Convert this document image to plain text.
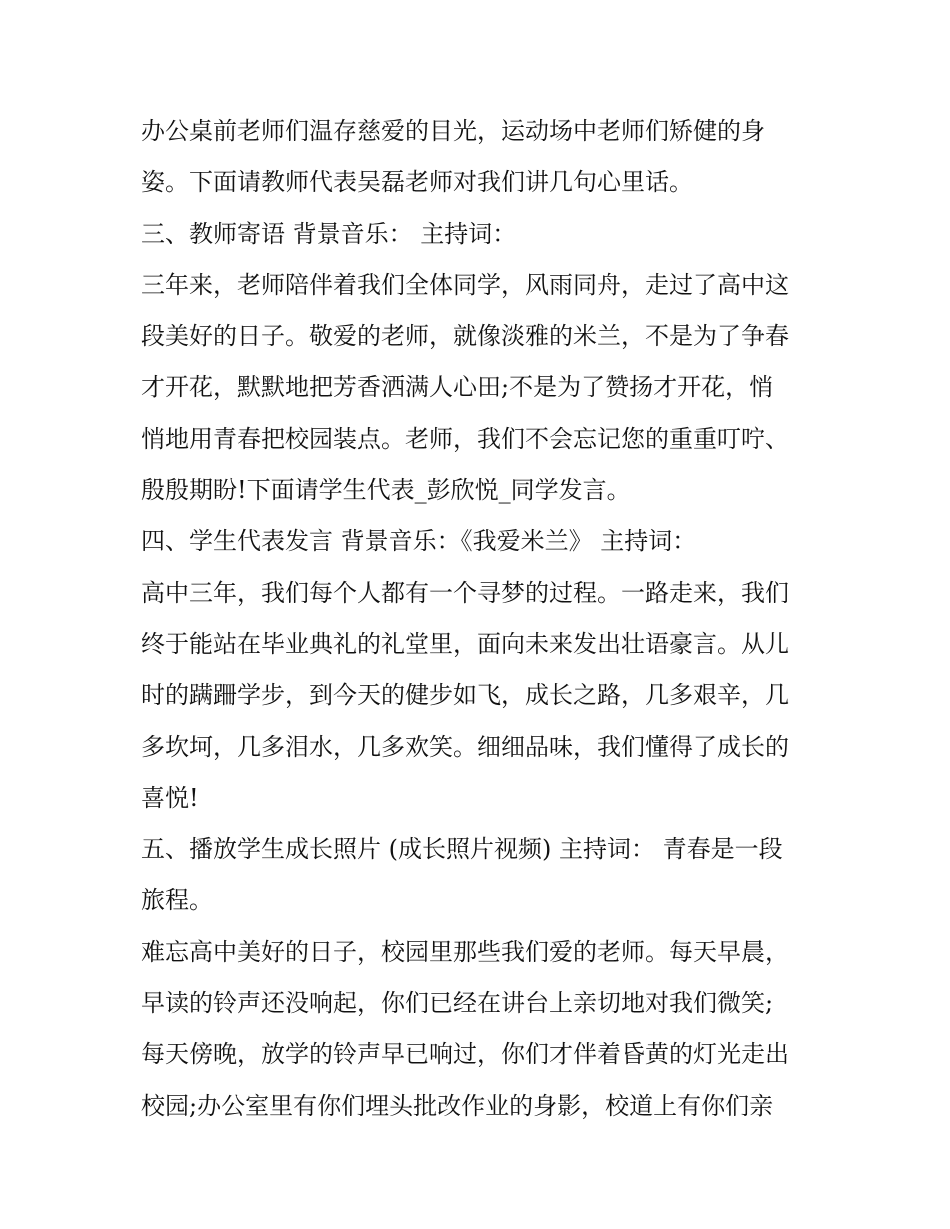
办公桌前老师们温存慈爱的目光，运动场中老师们矫健的身
姿。下面请教师代表吴磊老师对我们讲几句心里话。
三、教师寄语 背景音乐： 主持词：
三年来，老师陪伴着我们全体同学，风雨同舟，走过了高中这
段美好的日子。敬爱的老师，就像淡雅的米兰，不是为了争春
才开花，默默地把芳香洒满人心田;不是为了赞扬才开花，悄
悄地用青春把校园装点。老师，我们不会忘记您的重重叮咛、
殷殷期盼!下面请学生代表_彭欣悦_同学发言。
四、学生代表发言 背景音乐：《我爱米兰》 主持词：
高中三年，我们每个人都有一个寻梦的过程。一路走来，我们
终于能站在毕业典礼的礼堂里，面向未来发出壮语豪言。从儿
时的蹒跚学步，到今天的健步如飞，成长之路，几多艰辛，几
多坎坷，几多泪水，几多欢笑。细细品味，我们懂得了成长的
喜悦!
五、播放学生成长照片 (成长照片视频) 主持词： 青春是一段
旅程。
难忘高中美好的日子，校园里那些我们爱的老师。每天早晨，
早读的铃声还没响起，你们已经在讲台上亲切地对我们微笑;
每天傍晚，放学的铃声早已响过，你们才伴着昏黄的灯光走出
校园;办公室里有你们埋头批改作业的身影，校道上有你们亲
